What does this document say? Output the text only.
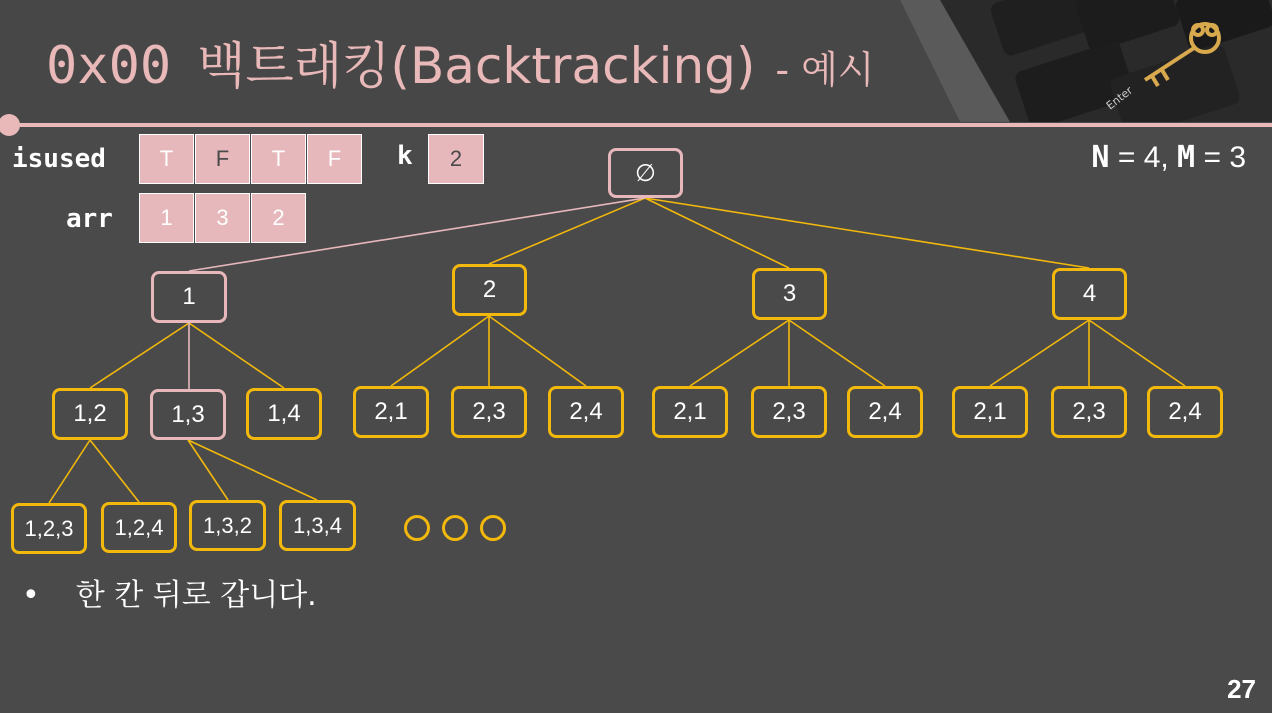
0x00 백트래킹(Backtracking) - 예시
Enter
isused	T	F	T	F
arr	1	3	2
k	2	N = 4, M = 3
∅
1	2	3	4
1,2	1,3	1,4	2,1	2,3	2,4	2,1	2,3	2,4	2,1	2,3	2,4
1,2,3	1,2,4	1,3,2	1,3,4
• 한 칸 뒤로 갑니다.
27
